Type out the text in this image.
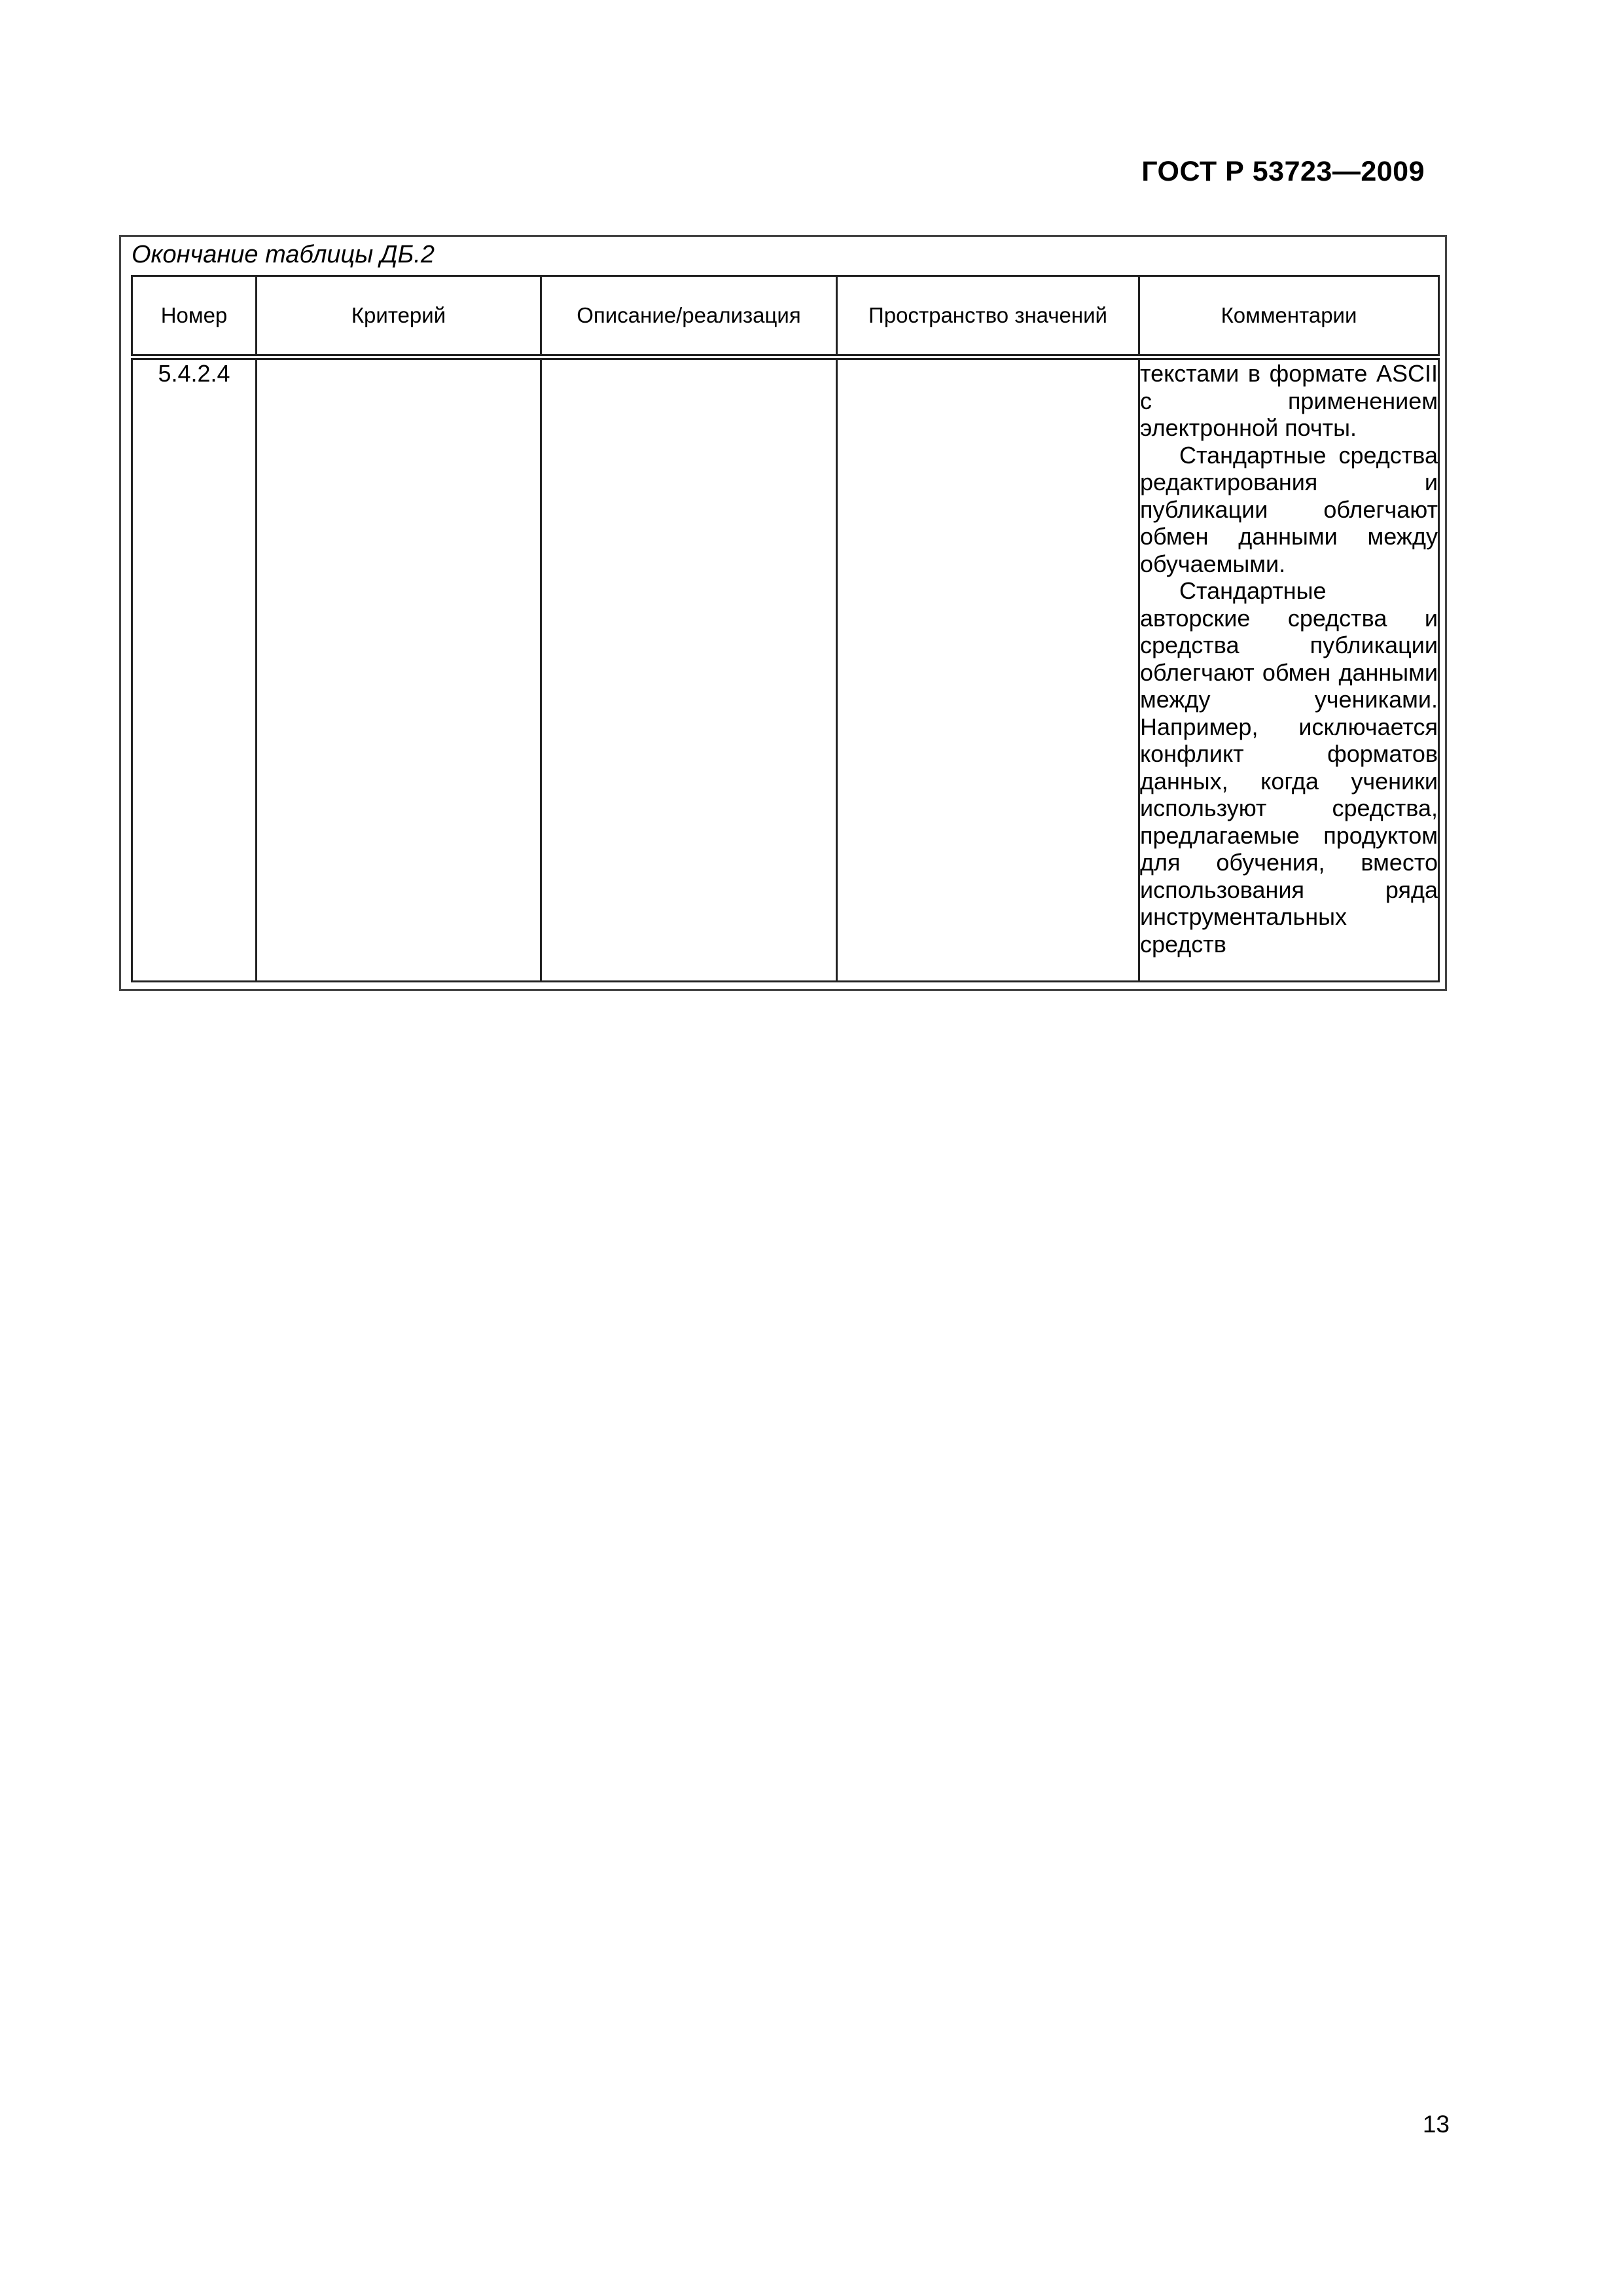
ГОСТ Р 53723—2009
Окончание таблицы ДБ.2
Номер	Критерий	Описание/реализация	Пространство значений	Комментарии
5.4.2.4				текстами в формате ASCII с применением электронной почты.

Стандартные средства редактирования и публикации облегчают обмен данными между обучаемыми.

Стандартные авторские средства и средства публикации облегчают обмен данными между учениками. Например, исключается конфликт форматов данных, когда ученики используют средства, предлагаемые продуктом для обучения, вместо использования ряда инструментальных средств

13
